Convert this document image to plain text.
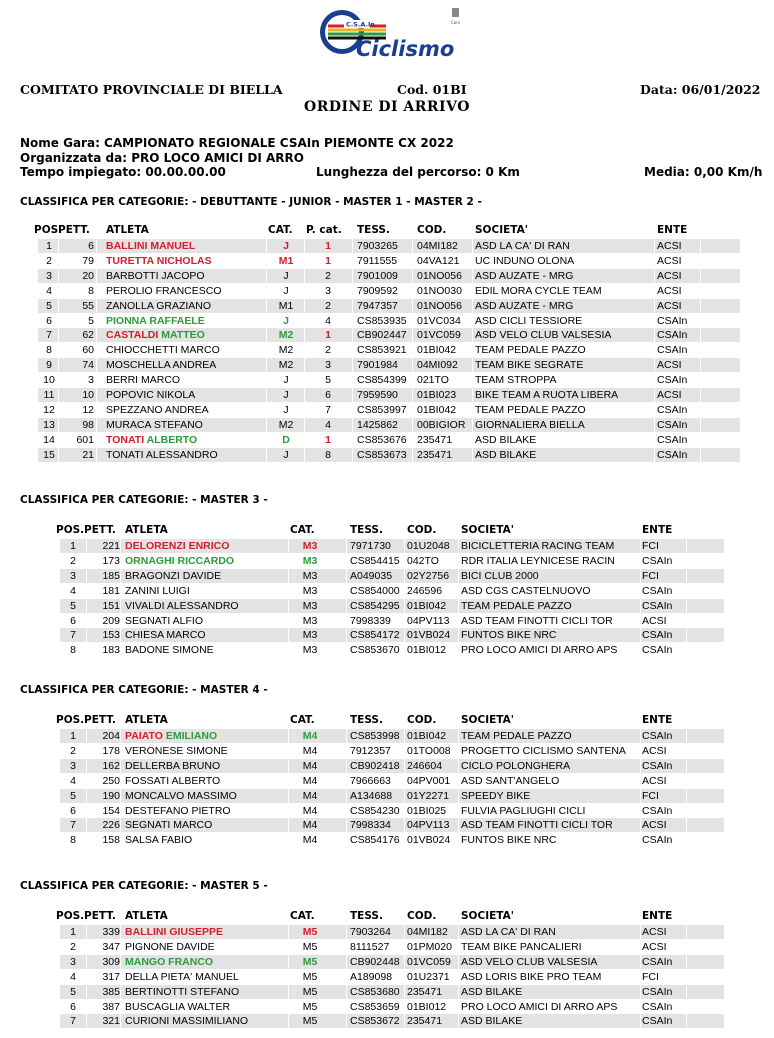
C.S.A.In
Ciclismo
Coni
COMITATO PROVINCIALE DI BIELLA	Cod. 01BI	Data: 06/01/2022
ORDINE DI ARRIVO
Nome Gara: CAMPIONATO REGIONALE CSAIn PIEMONTE CX 2022
Organizzata da: PRO LOCO AMICI DI ARRO
Tempo impiegato: 00.00.00.00	Lunghezza del percorso: 0 Km	Media: 0,00 Km/h
CLASSIFICA PER CATEGORIE: - DEBUTTANTE - JUNIOR - MASTER 1 - MASTER 2 -
POS.
PETT. ATLETA	CAT. P. cat. TESS.	COD.	SOCIETA'	ENTE
1	6 BALLINI MANUEL	J	1	7903265	04MI182	ASD LA CA' DI RAN	ACSI
2	79 TURETTA NICHOLAS	M1	1	7911555	04VA121	UC INDUNO OLONA	ACSI
3	20 BARBOTTI JACOPO	J	2	7901009	01NO056	ASD AUZATE - MRG	ACSI
4	8 PEROLIO FRANCESCO	J	3	7909592	01NO030	EDIL MORA CYCLE TEAM	ACSI
5	55 ZANOLLA GRAZIANO	M1	2	7947357	01NO056	ASD AUZATE - MRG	ACSI
6	5 PIONNA RAFFAELE	J	4	CS853935 01VC034	ASD CICLI TESSIORE	CSAIn
7	62 CASTALDI MATTEO	M2	1	CB902447 01VC059	ASD VELO CLUB VALSESIA	CSAIn
8	60 CHIOCCHETTI MARCO	M2	2	CS853921 01BI042	TEAM PEDALE PAZZO	CSAIn
9	74 MOSCHELLA ANDREA	M2	3	7901984	04MI092	TEAM BIKE SEGRATE	ACSI
10	3 BERRI MARCO	J	5	CS854399 021TO	TEAM STROPPA	CSAIn
11	10 POPOVIC NIKOLA	J	6	7959590	01BI023	BIKE TEAM A RUOTA LIBERA	ACSI
12	12 SPEZZANO ANDREA	J	7	CS853997 01BI042	TEAM PEDALE PAZZO	CSAIn
13	98 MURACA STEFANO	M2	4	1425862	00BIGIOR GIORNALIERA BIELLA	CSAIn
14	601 TONATI ALBERTO	D	1	CS853676 235471	ASD BILAKE	CSAIn
15	21 TONATI ALESSANDRO	J	8	CS853673 235471	ASD BILAKE	CSAIn
CLASSIFICA PER CATEGORIE: - MASTER 3 -
POS. PETT. ATLETA	CAT.	TESS. COD. SOCIETA'	ENTE
1	221 DELORENZI ENRICO	M3	7971730	01U2048	BICICLETTERIA RACING TEAM	FCI
2	173 ORNAGHI RICCARDO	M3	CS854415 042TO	RDR ITALIA LEYNICESE RACIN	CSAIn
3	185 BRAGONZI DAVIDE	M3	A049035	02Y2756	BICI CLUB 2000	FCI
4	181 ZANINI LUIGI	M3	CS854000 246596	ASD CGS CASTELNUOVO	CSAIn
5	151 VIVALDI ALESSANDRO	M3	CS854295 01BI042	TEAM PEDALE PAZZO	CSAIn
6	209 SEGNATI ALFIO	M3	7998339	04PV113	ASD TEAM FINOTTI CICLI TOR	ACSI
7	153 CHIESA MARCO	M3	CS854172 01VB024	FUNTOS BIKE NRC	CSAIn
8	183 BADONE SIMONE	M3	CS853670 01BI012	PRO LOCO AMICI DI ARRO APS	CSAIn
CLASSIFICA PER CATEGORIE: - MASTER 4 -
POS. PETT. ATLETA	CAT.	TESS. COD. SOCIETA'	ENTE
1	204 PAIATO EMILIANO	M4	CS853998 01BI042	TEAM PEDALE PAZZO	CSAIn
2	178 VERONESE SIMONE	M4	7912357	01TO008 PROGETTO CICLISMO SANTENA	ACSI
3	162 DELLERBA BRUNO	M4	CB902418 246604	CICLO POLONGHERA	CSAIn
4	250 FOSSATI ALBERTO	M4	7966663	04PV001	ASD SANT'ANGELO	ACSI
5	190 MONCALVO MASSIMO	M4	A134688	01Y2271	SPEEDY BIKE	FCI
6	154 DESTEFANO PIETRO	M4	CS854230 01BI025	FULVIA PAGLIUGHI CICLI	CSAIn
7	226 SEGNATI MARCO	M4	7998334	04PV113	ASD TEAM FINOTTI CICLI TOR	ACSI
8	158 SALSA FABIO	M4	CS854176 01VB024	FUNTOS BIKE NRC	CSAIn
CLASSIFICA PER CATEGORIE: - MASTER 5 -
POS. PETT. ATLETA	CAT.	TESS. COD. SOCIETA'	ENTE
1	339 BALLINI GIUSEPPE	M5	7903264	04MI182	ASD LA CA' DI RAN	ACSI
2	347 PIGNONE DAVIDE	M5	8111527	01PM020 TEAM BIKE PANCALIERI	ACSI
3	309 MANGO FRANCO	M5	CB902448 01VC059 ASD VELO CLUB VALSESIA	CSAIn
4	317 DELLA PIETA' MANUEL	M5	A189098	01U2371	ASD LORIS BIKE PRO TEAM	FCI
5	385 BERTINOTTI STEFANO	M5	CS853680 235471	ASD BILAKE	CSAIn
6	387 BUSCAGLIA WALTER	M5	CS853659 01BI012	PRO LOCO AMICI DI ARRO APS	CSAIn
7	321 CURIONI MASSIMILIANO	M5	CS853672 235471	ASD BILAKE	CSAIn
